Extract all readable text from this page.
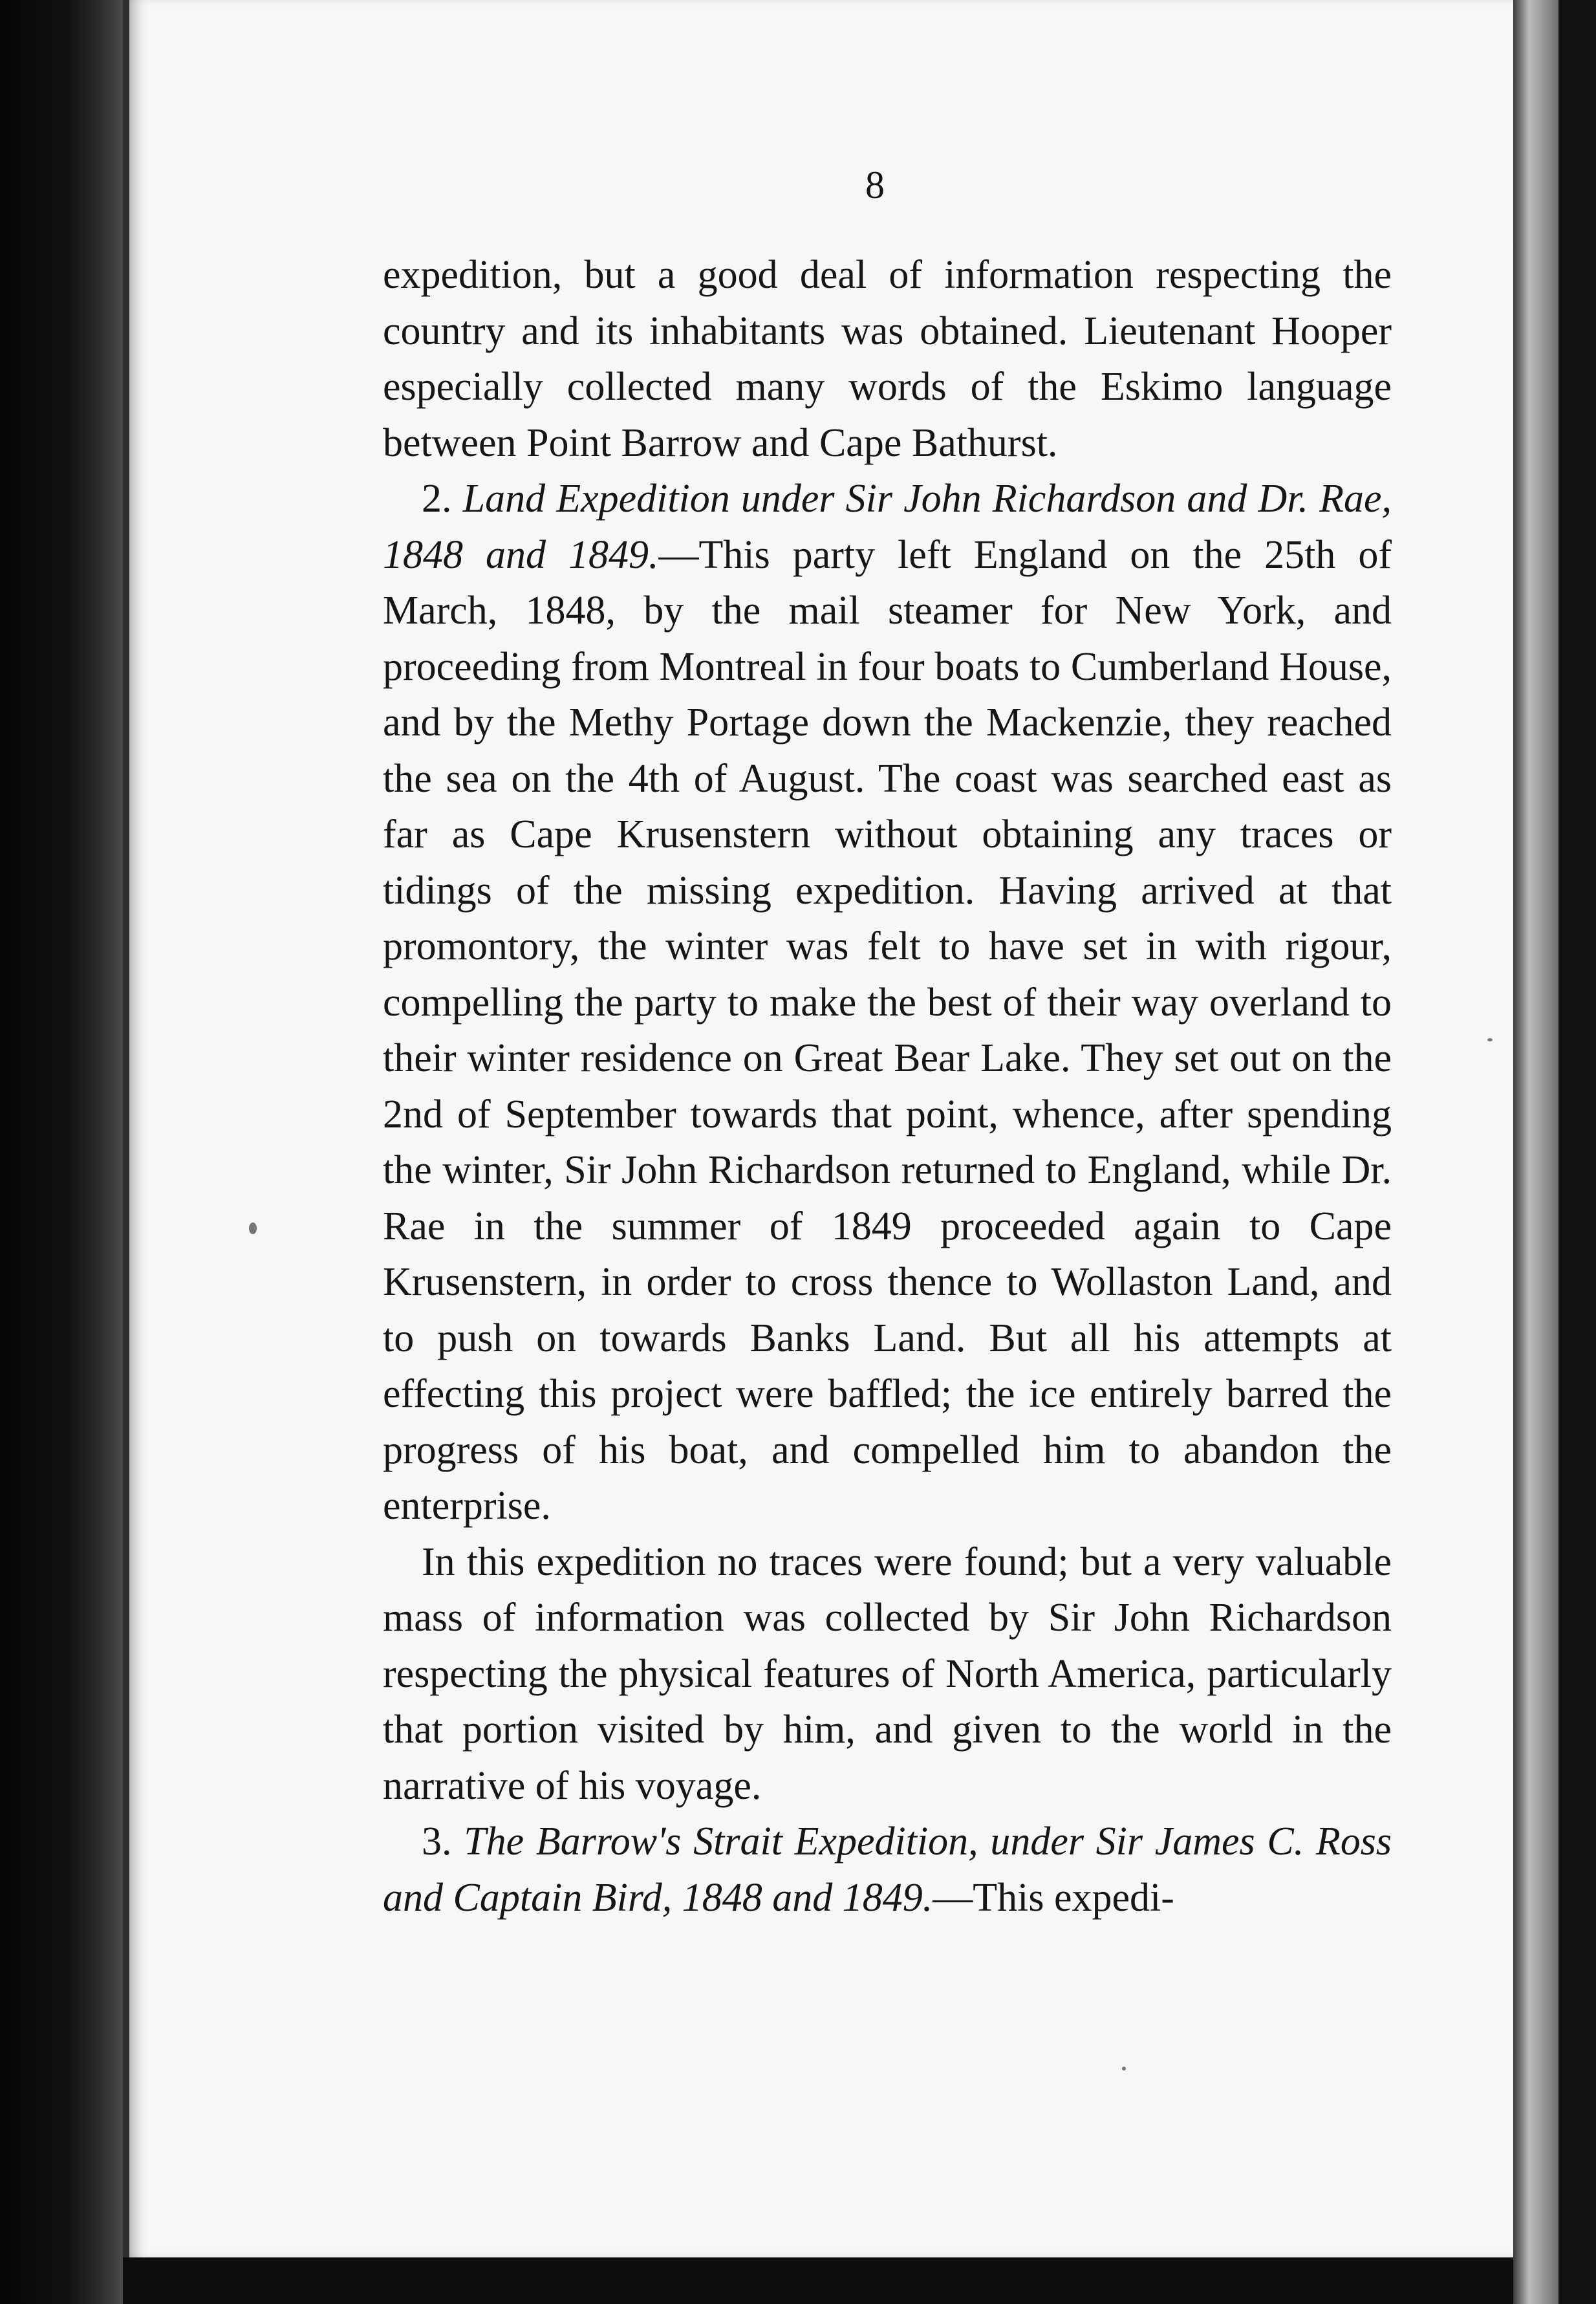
8

expedition, but a good deal of information respecting the country and its inhabitants was obtained. Lieutenant Hooper especially collected many words of the Eskimo language between Point Barrow and Cape Bathurst.

2. Land Expedition under Sir John Richardson and Dr. Rae, 1848 and 1849.—This party left England on the 25th of March, 1848, by the mail steamer for New York, and proceeding from Montreal in four boats to Cumberland House, and by the Methy Portage down the Mackenzie, they reached the sea on the 4th of August. The coast was searched east as far as Cape Krusenstern without obtaining any traces or tidings of the missing expedition. Having arrived at that promontory, the winter was felt to have set in with rigour, compelling the party to make the best of their way overland to their winter residence on Great Bear Lake. They set out on the 2nd of September towards that point, whence, after spending the winter, Sir John Richardson returned to England, while Dr. Rae in the summer of 1849 proceeded again to Cape Krusenstern, in order to cross thence to Wollaston Land, and to push on towards Banks Land. But all his attempts at effecting this project were baffled; the ice entirely barred the progress of his boat, and compelled him to abandon the enterprise.

In this expedition no traces were found; but a very valuable mass of information was collected by Sir John Richardson respecting the physical features of North America, particularly that portion visited by him, and given to the world in the narrative of his voyage.

3. The Barrow's Strait Expedition, under Sir James C. Ross and Captain Bird, 1848 and 1849.—This expedi-
